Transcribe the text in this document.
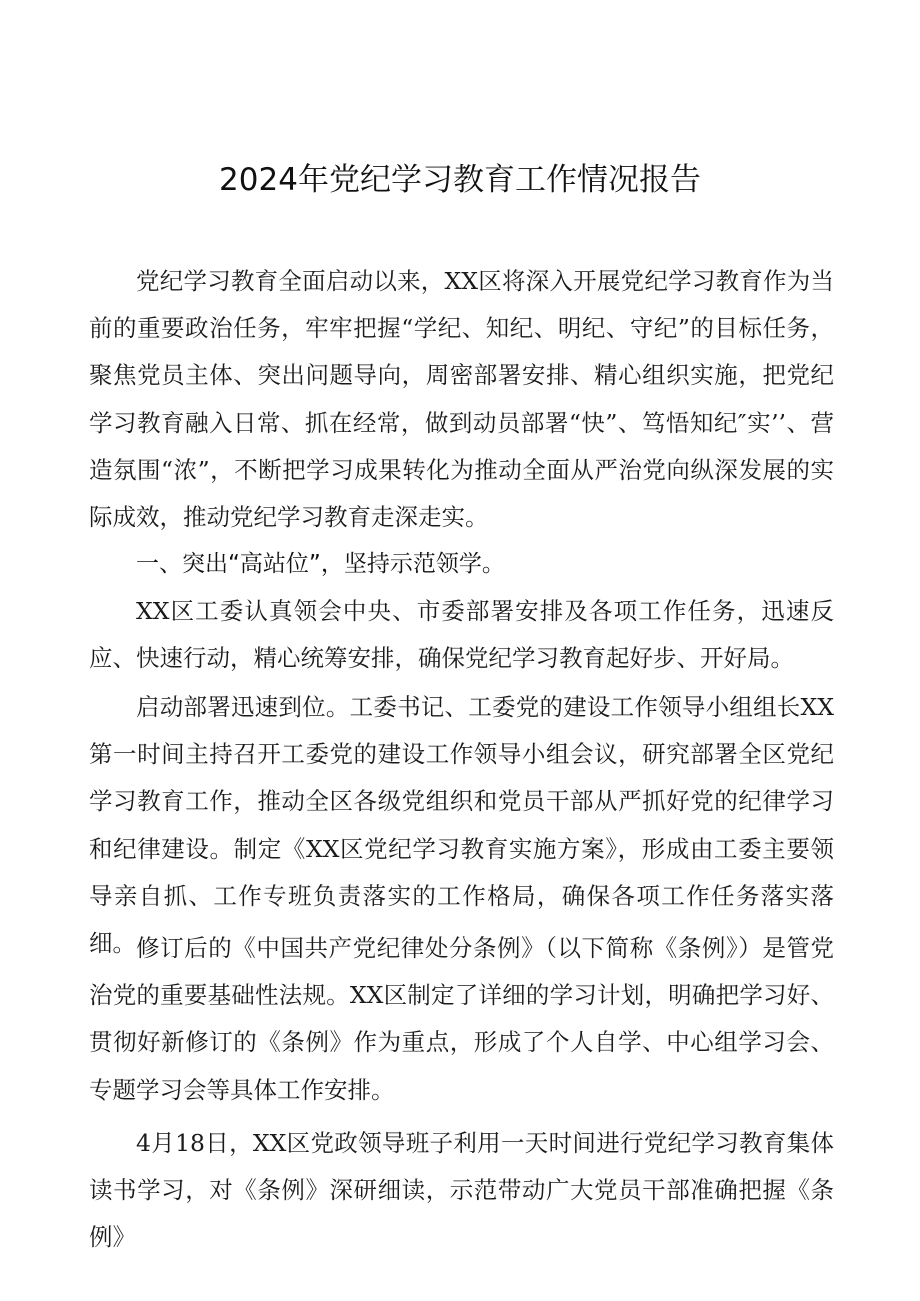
2024年党纪学习教育工作情况报告

党纪学习教育全面启动以来，XX区将深入开展党纪学习教育作为当前的重要政治任务，牢牢把握“学纪、知纪、明纪、守纪”的目标任务，聚焦党员主体、突出问题导向，周密部署安排、精心组织实施，把党纪学习教育融入日常、抓在经常，做到动员部署“快”、笃悟知纪″实’’、营造氛围“浓”，不断把学习成果转化为推动全面从严治党向纵深发展的实际成效，推动党纪学习教育走深走实。

一、突出“高站位”，坚持示范领学。

XX区工委认真领会中央、市委部署安排及各项工作任务，迅速反应、快速行动，精心统筹安排，确保党纪学习教育起好步、开好局。

启动部署迅速到位。工委书记、工委党的建设工作领导小组组长XX第一时间主持召开工委党的建设工作领导小组会议，研究部署全区党纪学习教育工作，推动全区各级党组织和党员干部从严抓好党的纪律学习和纪律建设。制定《XX区党纪学习教育实施方案》，形成由工委主要领导亲自抓、工作专班负责落实的工作格局，确保各项工作任务落实落细。 修订后的《中国共产党纪律处分条例》（以下简称《条例》）是管党治党的重要基础性法规。XX区制定了详细的学习计划，明确把学习好、贯彻好新修订的《条例》作为重点，形成了个人自学、中心组学习会、专题学习会等具体工作安排。

4月18日，XX区党政领导班子利用一天时间进行党纪学习教育集体读书学习，对《条例》深研细读，示范带动广大党员干部准确把握《条例》
